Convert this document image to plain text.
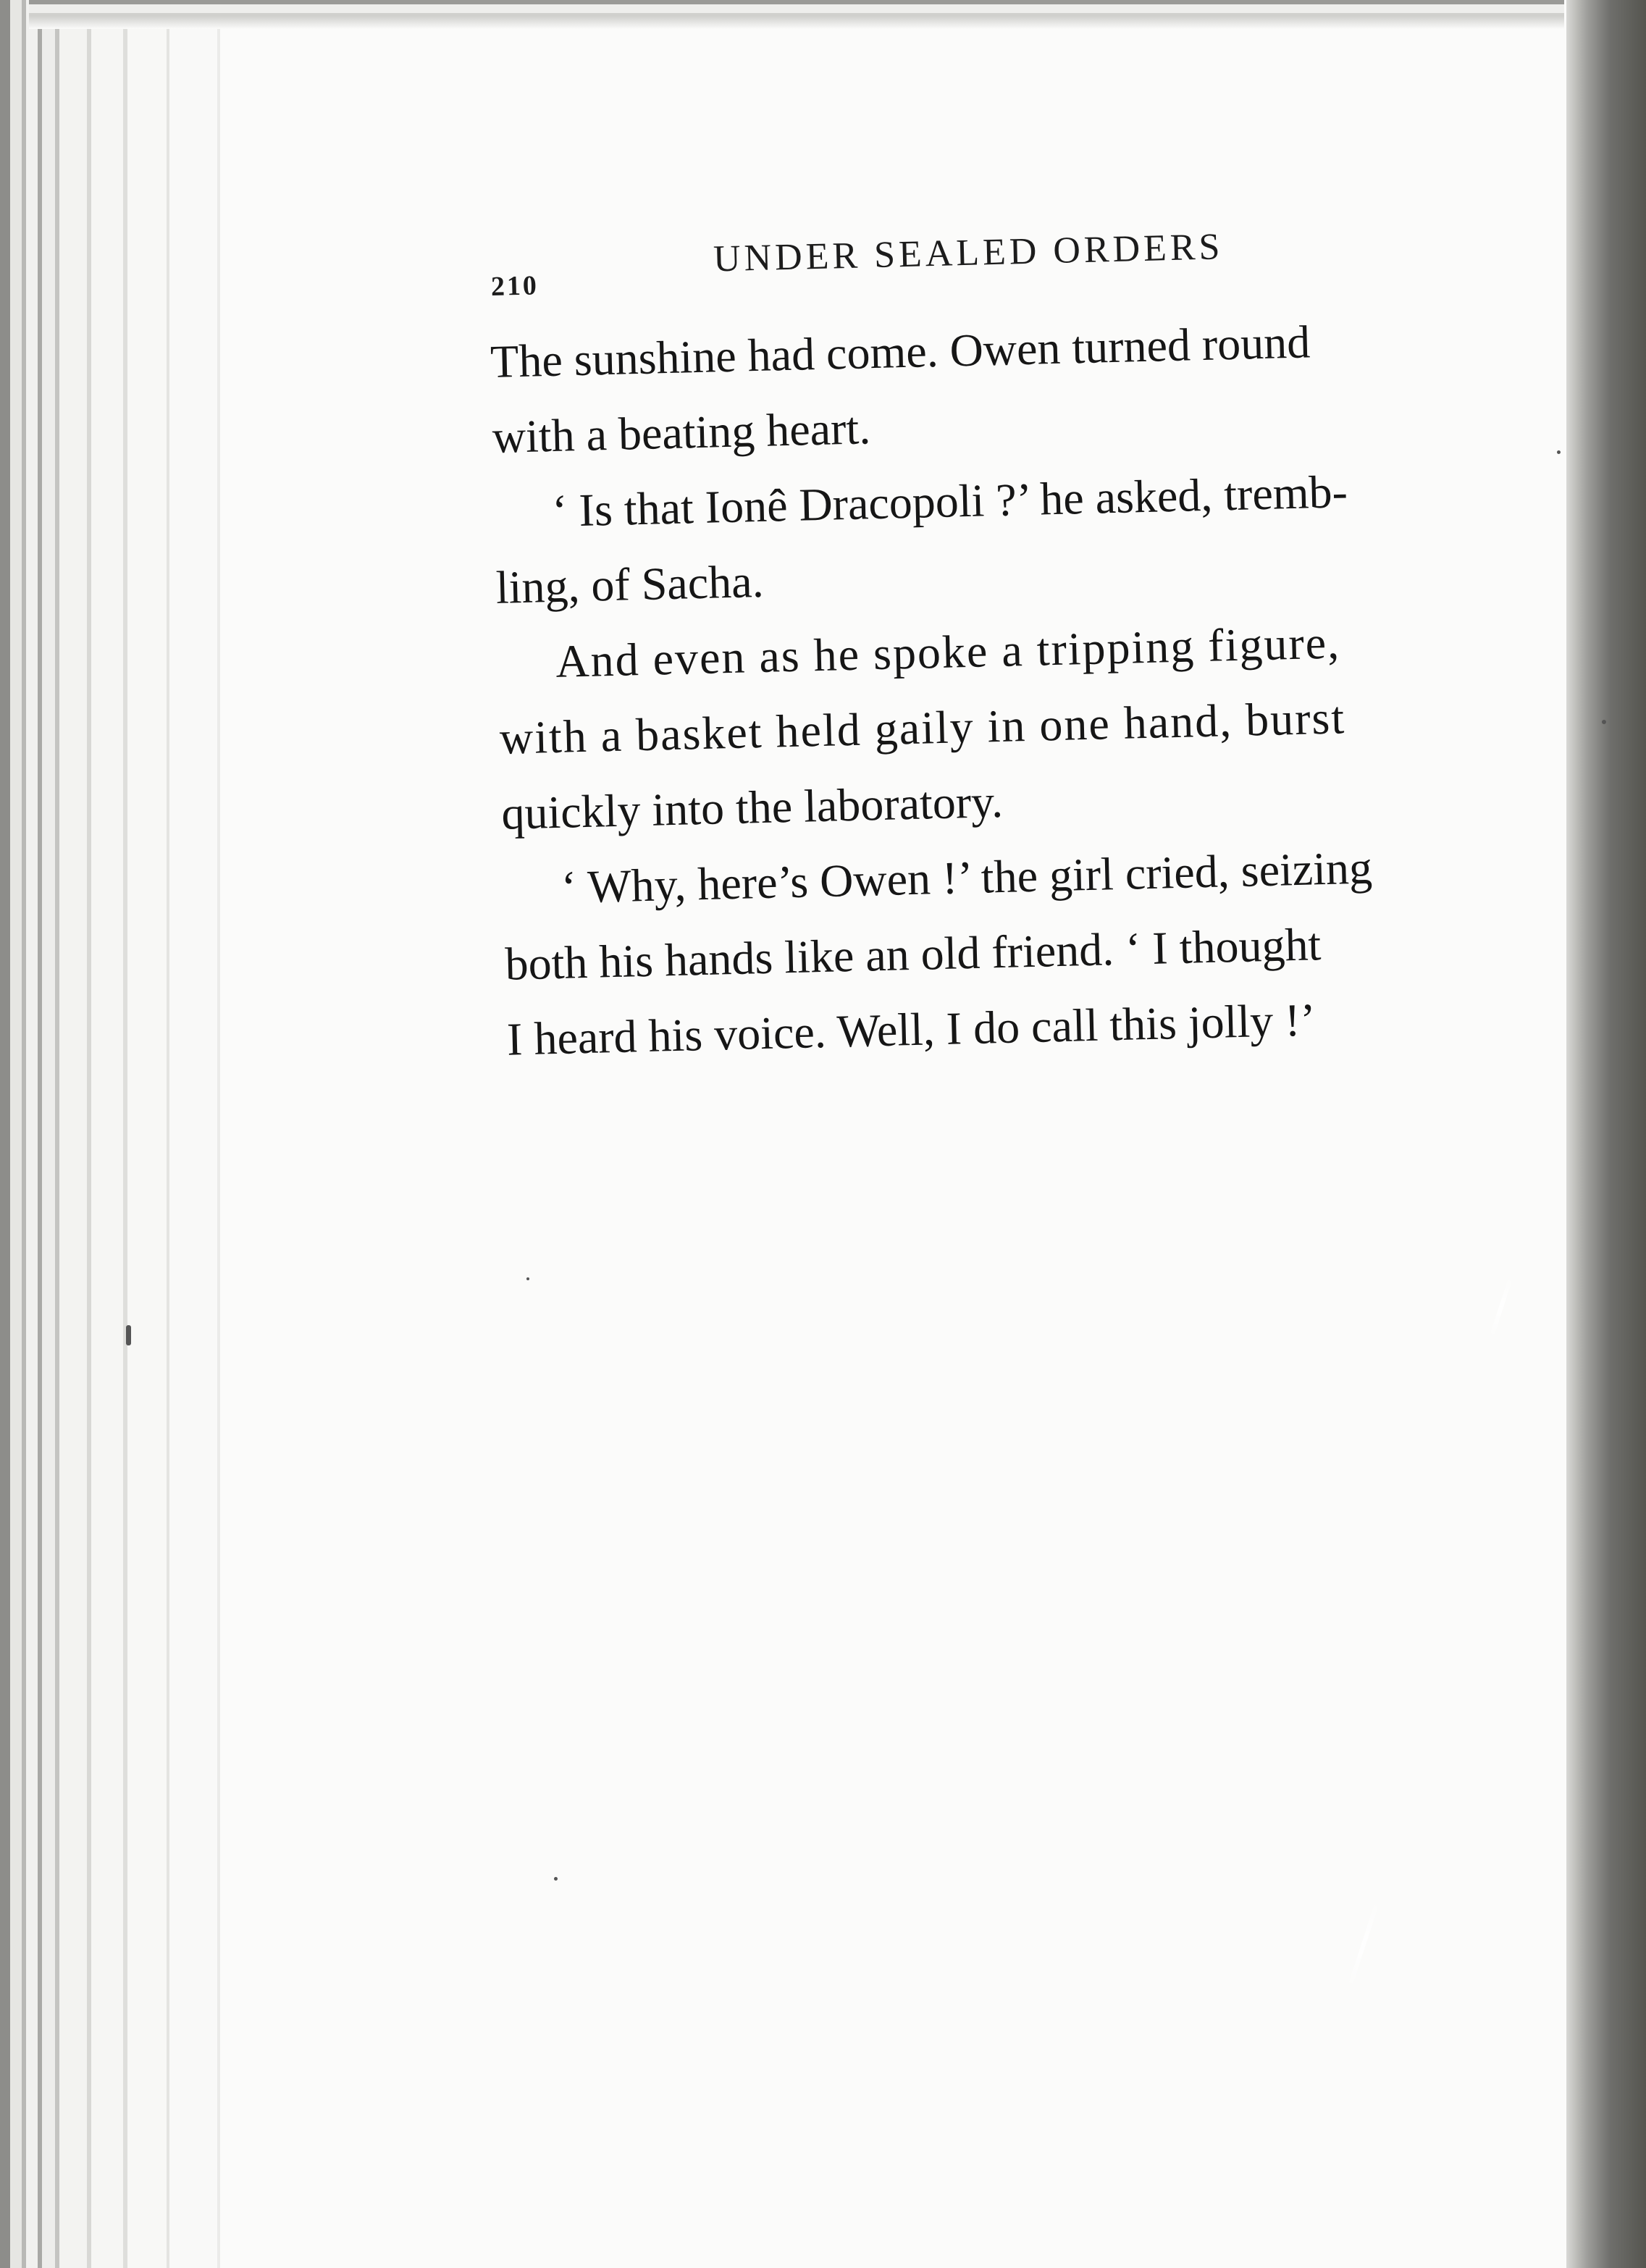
210
UNDER SEALED ORDERS
The sunshine had come. Owen turned round
with a beating heart.
‘ Is that Ionê Dracopoli ?’ he asked, tremb-
ling, of Sacha.
And even as he spoke a tripping figure,
with a basket held gaily in one hand, burst
quickly into the laboratory.
‘ Why, here’s Owen !’ the girl cried, seizing
both his hands like an old friend. ‘ I thought
I heard his voice. Well, I do call this jolly !’
